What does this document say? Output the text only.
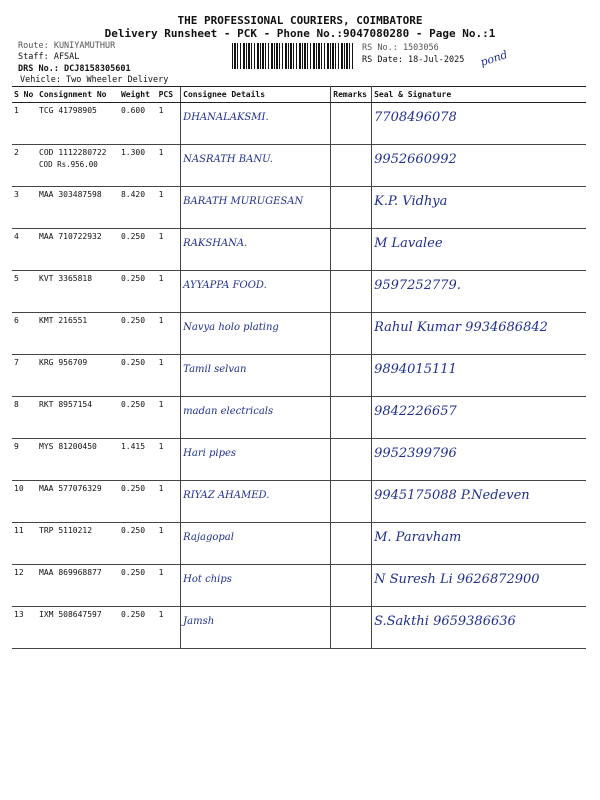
THE PROFESSIONAL COURIERS, COIMBATORE
Delivery Runsheet - PCK - Phone No.:9047080280 - Page No.:1
Route: KUNIYAMUTHUR
Staff: AFSAL
DRS No.: DCJ8158305601
Vehicle: Two Wheeler Delivery
RS No.: 1503056
RS Date: 18-Jul-2025 pond
S No	Consignment No	Weight	PCS	Consignee Details	Remarks	Seal & Signature
1	TCG 41798905	0.600	1	DHANALAKSMI.		7708496078

2	COD 1112280722
COD Rs.956.00	1.300	1	NASRATH BANU.		9952660992

3	MAA 303487598	8.420	1	BARATH MURUGESAN		K.P. Vidhya

4	MAA 710722932	0.250	1	RAKSHANA.		M Lavalee

5	KVT 3365818	0.250	1	AYYAPPA FOOD.		9597252779.

6	KMT 216551	0.250	1	Navya holo plating		Rahul Kumar 9934686842

7	KRG 956709	0.250	1	Tamil selvan		9894015111

8	RKT 8957154	0.250	1	madan electricals		9842226657

9	MYS 81200450	1.415	1	Hari pipes		9952399796

10	MAA 577076329	0.250	1	RIYAZ AHAMED.		9945175088 P.Nedeven

11	TRP 5110212	0.250	1	Rajagopal		M. Paravham

12	MAA 869968877	0.250	1	Hot chips		N Suresh Li 9626872900

13	IXM 508647597	0.250	1	Jamsh		S.Sakthi 9659386636
